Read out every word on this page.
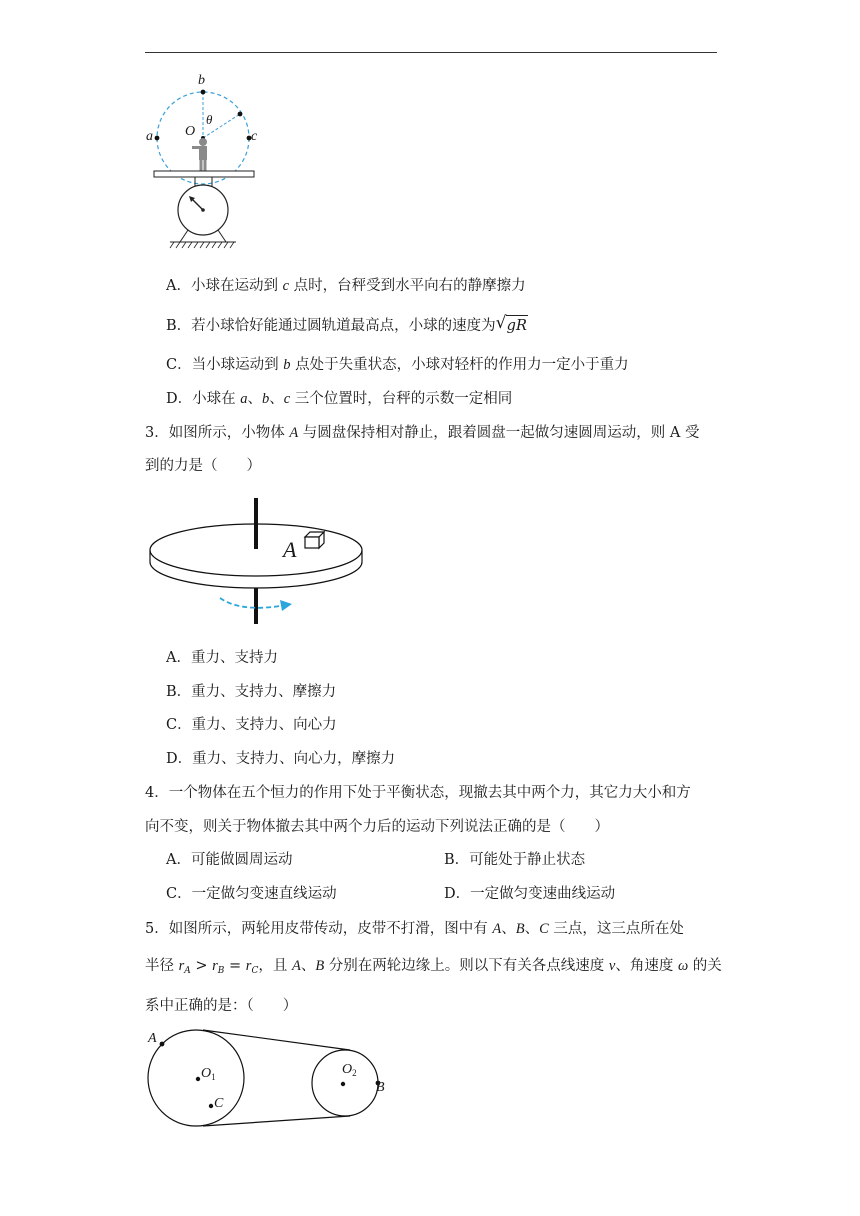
b
a	c
O
θ
A．小球在运动到 c 点时，台秤受到水平向右的静摩擦力
B．若小球恰好能通过圆轨道最高点，小球的速度为 √ gR
C．当小球运动到 b 点处于失重状态，小球对轻杆的作用力一定小于重力
D．小球在 a、b、c 三个位置时，台秤的示数一定相同
3．如图所示，小物体 A 与圆盘保持相对静止，跟着圆盘一起做匀速圆周运动，则 A 受
到的力是（　　）
A
A．重力、支持力
B．重力、支持力、摩擦力
C．重力、支持力、向心力
D．重力、支持力、向心力，摩擦力
4．一个物体在五个恒力的作用下处于平衡状态，现撤去其中两个力，其它力大小和方
向不变，则关于物体撤去其中两个力后的运动下列说法正确的是（　　）
A．可能做圆周运动	B．可能处于静止状态
C．一定做匀变速直线运动	D．一定做匀变速曲线运动
5．如图所示，两轮用皮带传动，皮带不打滑，图中有 A、B、C 三点，这三点所在处
半径 $r_A > r_B = r_C$，且 A、B 分别在两轮边缘上。则以下有关各点线速度 v、角速度 ω 的关
系中正确的是：（　　）
A
$O_1$
C
$O_2$
B
